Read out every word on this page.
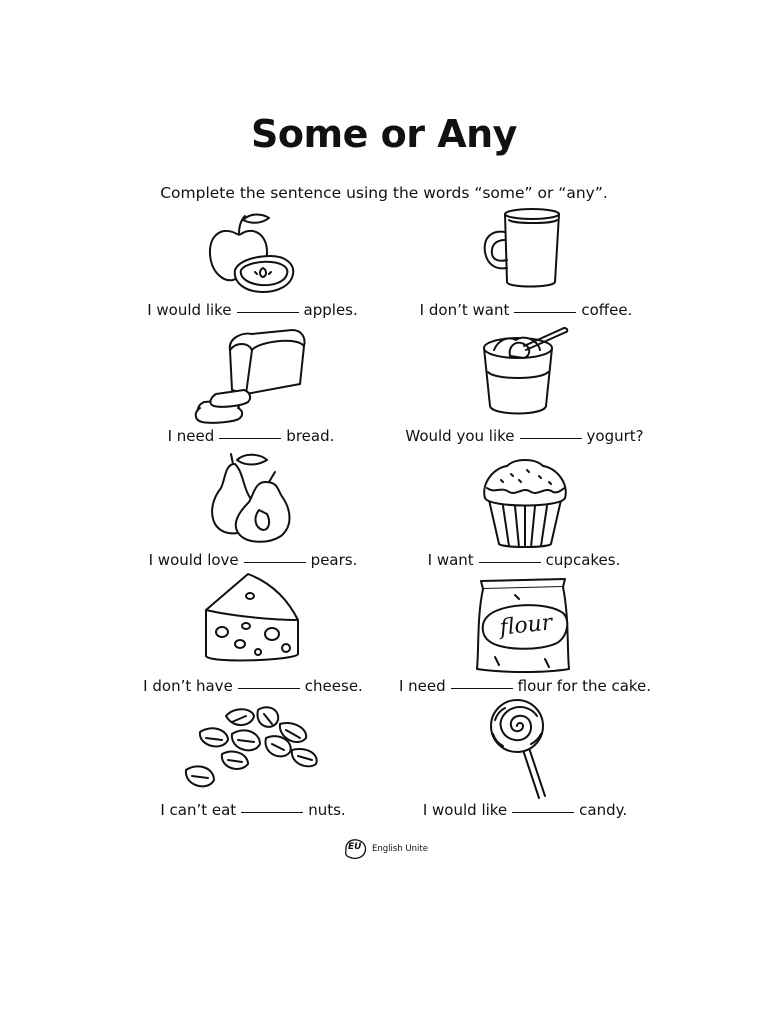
Some or Any
Complete the sentence using the words “some” or “any”.
I would like	apples.	I don’t want	coffee.
I need	bread.	Would you like	yogurt?
I would love	pears.	I want	cupcakes.
I don’t have	cheese.
flour
I need	flour for the cake.
I can’t eat	nuts.	I would like	candy.
EU English Unite
